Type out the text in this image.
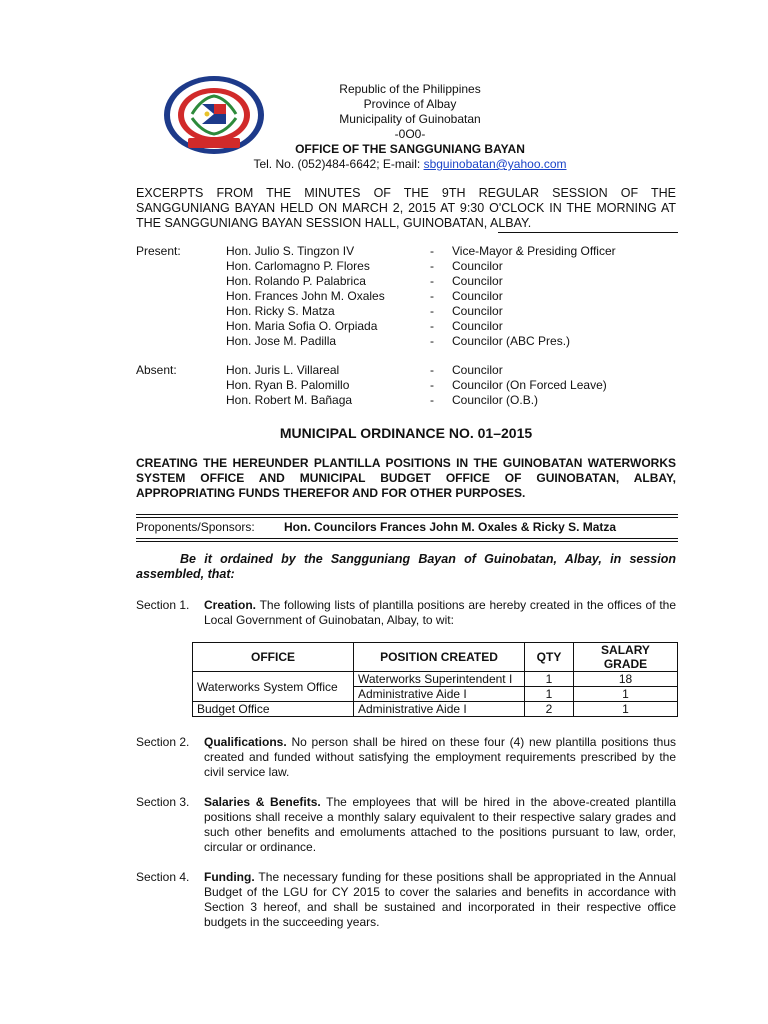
Republic of the Philippines
Province of Albay
Municipality of Guinobatan
-0O0-
OFFICE OF THE SANGGUNIANG BAYAN
Tel. No. (052)484-6642; E-mail: sbguinobatan@yahoo.com
EXCERPTS FROM THE MINUTES OF THE 9TH REGULAR SESSION OF THE SANGGUNIANG BAYAN HELD ON MARCH 2, 2015 AT 9:30 O'CLOCK IN THE MORNING AT THE SANGGUNIANG BAYAN SESSION HALL, GUINOBATAN, ALBAY.
Present:	Hon. Julio S. Tingzon IV	- Vice-Mayor & Presiding Officer
Hon. Carlomagno P. Flores	- Councilor
Hon. Rolando P. Palabrica	- Councilor
Hon. Frances John M. Oxales	- Councilor
Hon. Ricky S. Matza	- Councilor
Hon. Maria Sofia O. Orpiada	- Councilor
Hon. Jose M. Padilla	- Councilor (ABC Pres.)
Absent:	Hon. Juris L. Villareal	- Councilor
Hon. Ryan B. Palomillo	- Councilor (On Forced Leave)
Hon. Robert M. Bañaga	- Councilor (O.B.)
MUNICIPAL ORDINANCE NO. 01–2015
CREATING THE HEREUNDER PLANTILLA POSITIONS IN THE GUINOBATAN WATERWORKS SYSTEM OFFICE AND MUNICIPAL BUDGET OFFICE OF GUINOBATAN, ALBAY, APPROPRIATING FUNDS THEREFOR AND FOR OTHER PURPOSES.
Proponents/Sponsors: Hon. Councilors Frances John M. Oxales & Ricky S. Matza
Be it ordained by the Sangguniang Bayan of Guinobatan, Albay, in session assembled, that:
Section 1. Creation. The following lists of plantilla positions are hereby created in the offices of the Local Government of Guinobatan, Albay, to wit:
OFFICE	POSITION CREATED	QTY	SALARY GRADE
Waterworks System Office	Waterworks Superintendent I	1	18
	Administrative Aide I	1	1
Budget Office	Administrative Aide I	2	1
Section 2. Qualifications. No person shall be hired on these four (4) new plantilla positions thus created and funded without satisfying the employment requirements prescribed by the civil service law.
Section 3. Salaries & Benefits. The employees that will be hired in the above-created plantilla positions shall receive a monthly salary equivalent to their respective salary grades and such other benefits and emoluments attached to the positions pursuant to law, order, circular or ordinance.
Section 4. Funding. The necessary funding for these positions shall be appropriated in the Annual Budget of the LGU for CY 2015 to cover the salaries and benefits in accordance with Section 3 hereof, and shall be sustained and incorporated in their respective office budgets in the succeeding years.
